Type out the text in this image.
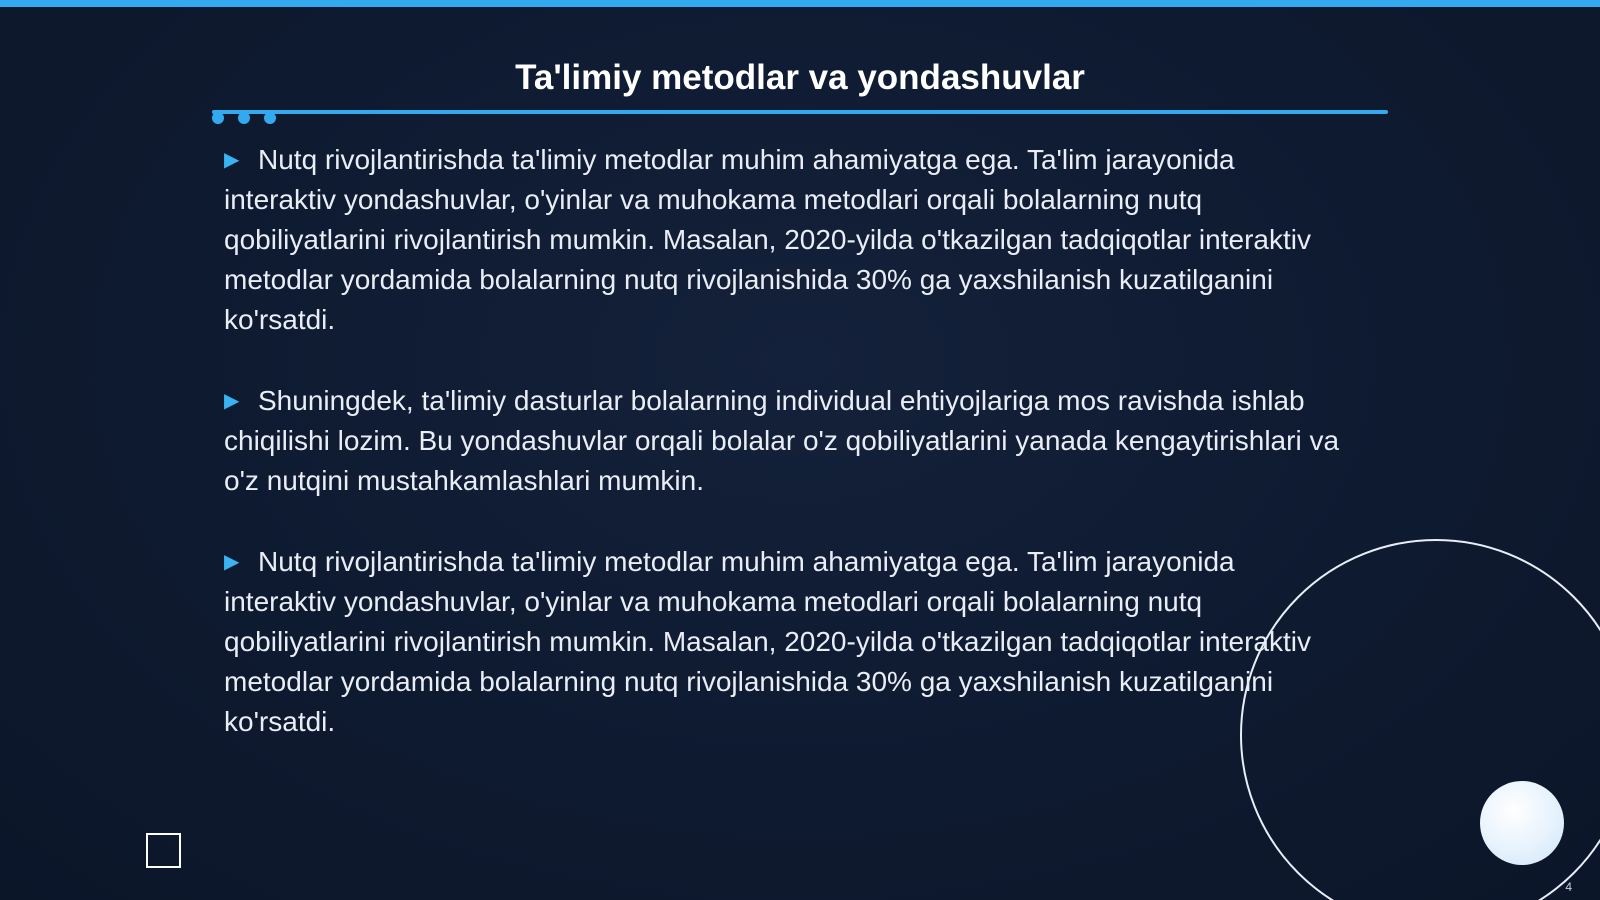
Ta'limiy metodlar va yondashuvlar

▶ Nutq rivojlantirishda ta'limiy metodlar muhim ahamiyatga ega. Ta'lim jarayonida interaktiv yondashuvlar, o'yinlar va muhokama metodlari orqali bolalarning nutq qobiliyatlarini rivojlantirish mumkin. Masalan, 2020-yilda o'tkazilgan tadqiqotlar interaktiv metodlar yordamida bolalarning nutq rivojlanishida 30% ga yaxshilanish kuzatilganini ko'rsatdi.

▶ Shuningdek, ta'limiy dasturlar bolalarning individual ehtiyojlariga mos ravishda ishlab chiqilishi lozim. Bu yondashuvlar orqali bolalar o'z qobiliyatlarini yanada kengaytirishlari va o'z nutqini mustahkamlashlari mumkin.

▶ Nutq rivojlantirishda ta'limiy metodlar muhim ahamiyatga ega. Ta'lim jarayonida interaktiv yondashuvlar, o'yinlar va muhokama metodlari orqali bolalarning nutq qobiliyatlarini rivojlantirish mumkin. Masalan, 2020-yilda o'tkazilgan tadqiqotlar interaktiv metodlar yordamida bolalarning nutq rivojlanishida 30% ga yaxshilanish kuzatilganini ko'rsatdi.

4
